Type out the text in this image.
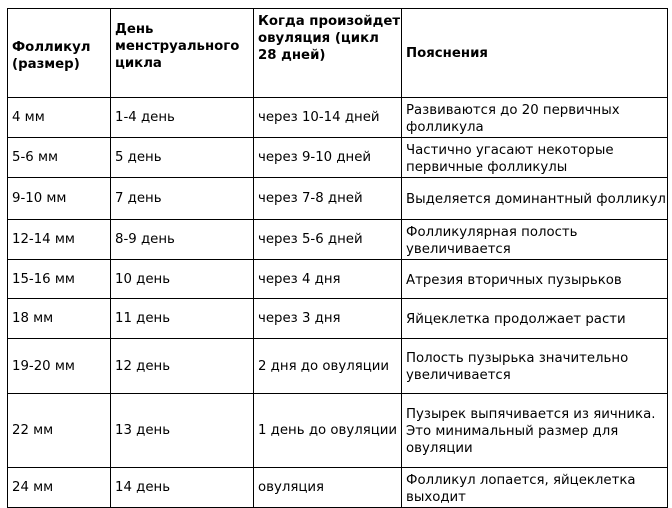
Фолликул (размер)	День менструального цикла	Когда произойдет овуляция (цикл 28 дней)	Пояснения
4 мм	1-4 день	через 10-14 дней	Развиваются до 20 первичных фолликула
5-6 мм	5 день	через 9-10 дней	Частично угасают некоторые первичные фолликулы
9-10 мм	7 день	через 7-8 дней	Выделяется доминантный фолликул
12-14 мм	8-9 день	через 5-6 дней	Фолликулярная полость увеличивается
15-16 мм	10 день	через 4 дня	Атрезия вторичных пузырьков
18 мм	11 день	через 3 дня	Яйцеклетка продолжает расти
19-20 мм	12 день	2 дня до овуляции	Полость пузырька значительно увеличивается
22 мм	13 день	1 день до овуляции	Пузырек выпячивается из яичника. Это минимальный размер для овуляции
24 мм	14 день	овуляция	Фолликул лопается, яйцеклетка выходит
